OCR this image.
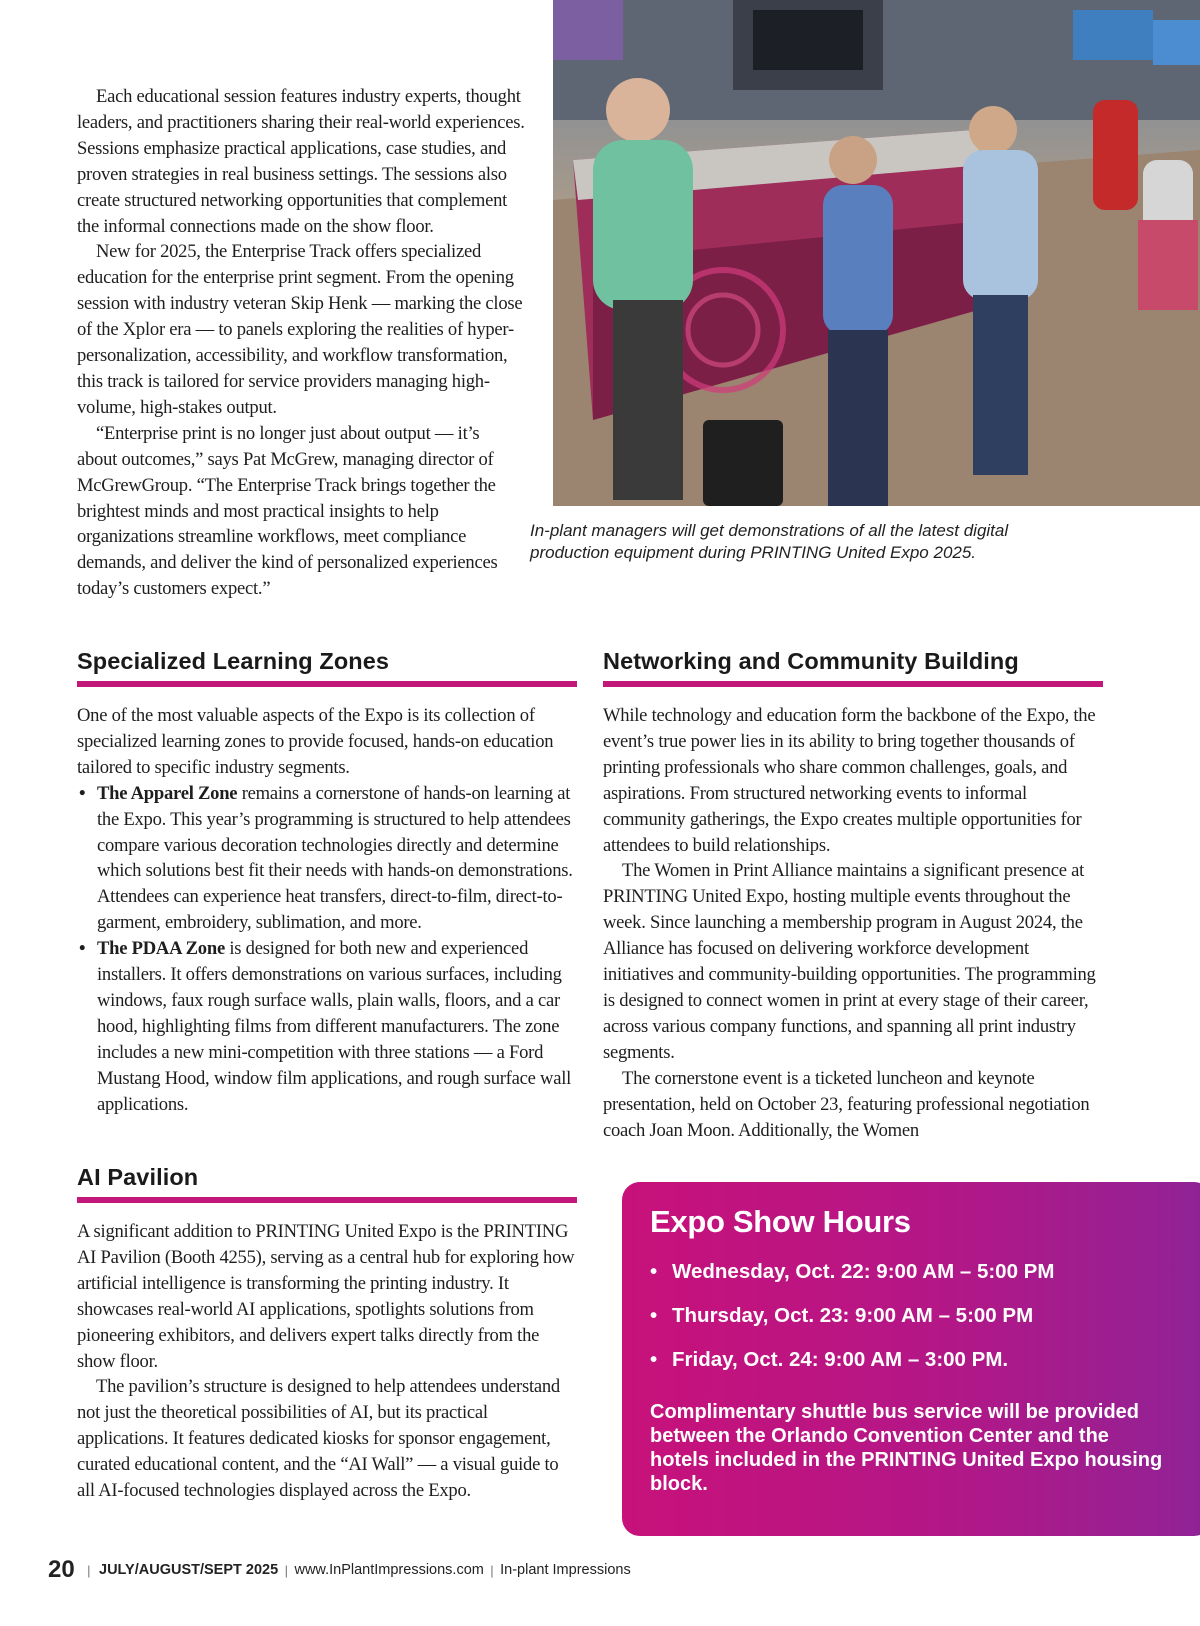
Each educational session features industry experts, thought leaders, and practitioners sharing their real-world experiences. Sessions emphasize practical applications, case studies, and proven strategies in real business settings. The sessions also create structured networking opportunities that complement the informal connections made on the show floor.

New for 2025, the Enterprise Track offers specialized education for the enterprise print segment. From the opening session with industry veteran Skip Henk — marking the close of the Xplor era — to panels exploring the realities of hyper-personalization, accessibility, and workflow transformation, this track is tailored for service providers managing high-volume, high-stakes output.

“Enterprise print is no longer just about output — it’s about outcomes,” says Pat McGrew, managing director of McGrewGroup. “The Enterprise Track brings together the brightest minds and most practical insights to help organizations streamline workflows, meet compliance demands, and deliver the kind of personalized experiences today’s customers expect.”

In-plant managers will get demonstrations of all the latest digital production equipment during PRINTING United Expo 2025.
Specialized Learning Zones

One of the most valuable aspects of the Expo is its collection of specialized learning zones to provide focused, hands-on education tailored to specific industry segments.

• The Apparel Zone remains a cornerstone of hands-on learning at the Expo. This year’s programming is structured to help attendees compare various decoration technologies directly and determine which solutions best fit their needs with hands-on demonstrations. Attendees can experience heat transfers, direct-to-film, direct-to-garment, embroidery, sublimation, and more.
• The PDAA Zone is designed for both new and experienced installers. It offers demonstrations on various surfaces, including windows, faux rough surface walls, plain walls, floors, and a car hood, highlighting films from different manufacturers. The zone includes a new mini-competition with three stations — a Ford Mustang Hood, window film applications, and rough surface wall applications.
AI Pavilion

A significant addition to PRINTING United Expo is the PRINTING AI Pavilion (Booth 4255), serving as a central hub for exploring how artificial intelligence is transforming the printing industry. It showcases real-world AI applications, spotlights solutions from pioneering exhibitors, and delivers expert talks directly from the show floor.

The pavilion’s structure is designed to help attendees understand not just the theoretical possibilities of AI, but its practical applications. It features dedicated kiosks for sponsor engagement, curated educational content, and the “AI Wall” — a visual guide to all AI-focused technologies displayed across the Expo.

Networking and Community Building

While technology and education form the backbone of the Expo, the event’s true power lies in its ability to bring together thousands of printing professionals who share common challenges, goals, and aspirations. From structured networking events to informal community gatherings, the Expo creates multiple opportunities for attendees to build relationships.

The Women in Print Alliance maintains a significant presence at PRINTING United Expo, hosting multiple events throughout the week. Since launching a membership program in August 2024, the Alliance has focused on delivering workforce development initiatives and community-building opportunities. The programming is designed to connect women in print at every stage of their career, across various company functions, and spanning all print industry segments.

The cornerstone event is a ticketed luncheon and keynote presentation, held on October 23, featuring professional negotiation coach Joan Moon. Additionally, the Women

Expo Show Hours
• Wednesday, Oct. 22: 9:00 AM – 5:00 PM
• Thursday, Oct. 23: 9:00 AM – 5:00 PM
• Friday, Oct. 24: 9:00 AM – 3:00 PM.
Complimentary shuttle bus service will be provided between the Orlando Convention Center and the hotels included in the PRINTING United Expo housing block.
20 | JULY/AUGUST/SEPT 2025 | www.InPlantImpressions.com | In-plant Impressions
